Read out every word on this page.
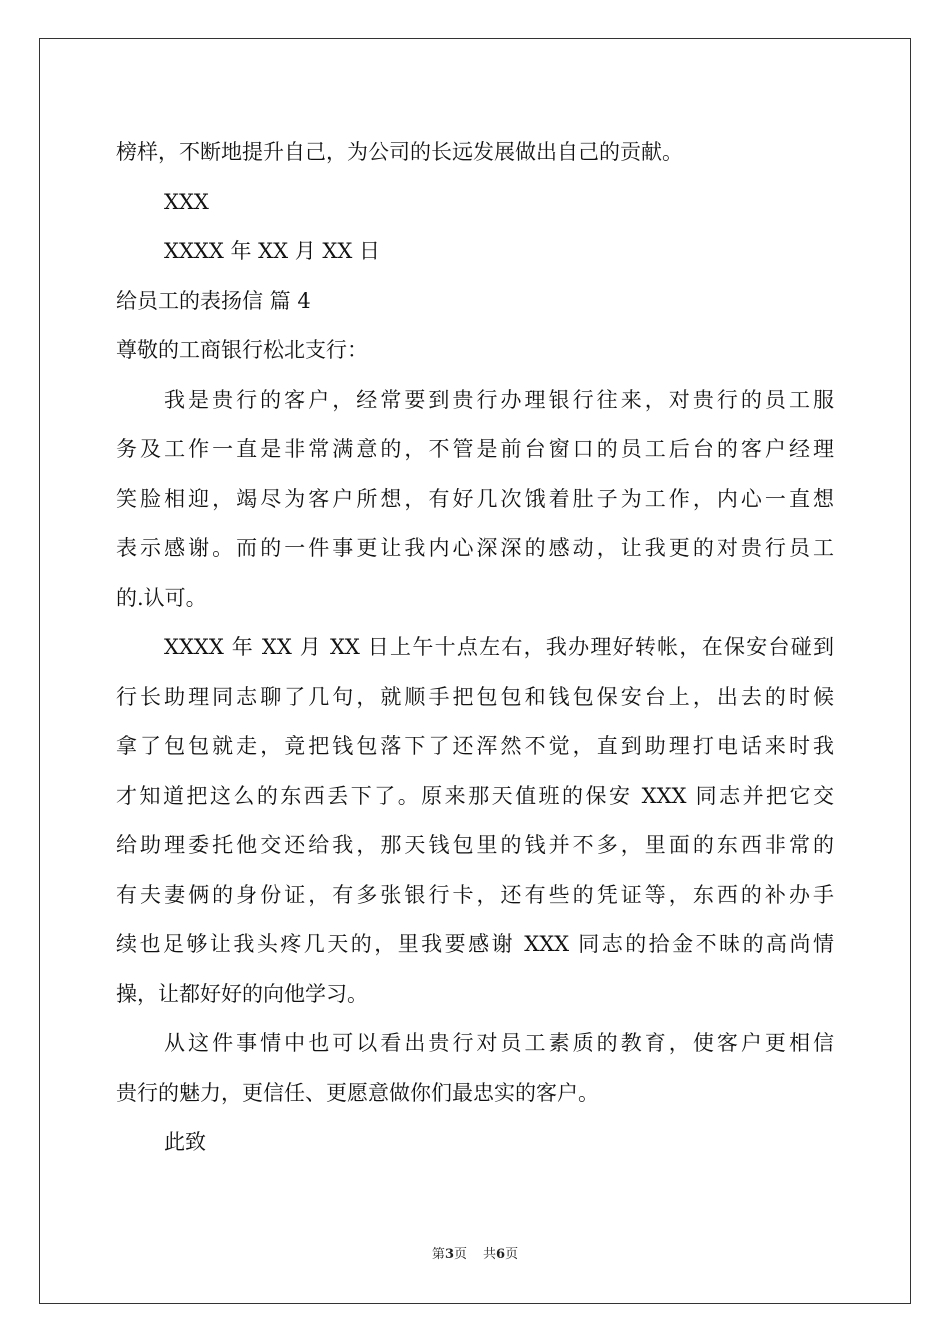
榜样，不断地提升自己，为公司的长远发展做出自己的贡献。

XXX

XXXX 年 XX 月 XX 日

给员工的表扬信 篇 4

尊敬的工商银行松北支行：

我是贵行的客户，经常要到贵行办理银行往来，对贵行的员工服

务及工作一直是非常满意的，不管是前台窗口的员工后台的客户经理

笑脸相迎，竭尽为客户所想，有好几次饿着肚子为工作，内心一直想

表示感谢。而的一件事更让我内心深深的感动，让我更的对贵行员工

的.认可。

XXXX 年 XX 月 XX 日上午十点左右，我办理好转帐，在保安台碰到

行长助理同志聊了几句，就顺手把包包和钱包保安台上，出去的时候

拿了包包就走，竟把钱包落下了还浑然不觉，直到助理打电话来时我

才知道把这么的东西丢下了。原来那天值班的保安 XXX 同志并把它交

给助理委托他交还给我，那天钱包里的钱并不多，里面的东西非常的

有夫妻俩的身份证，有多张银行卡，还有些的凭证等，东西的补办手

续也足够让我头疼几天的，里我要感谢 XXX 同志的拾金不昧的高尚情

操，让都好好的向他学习。

从这件事情中也可以看出贵行对员工素质的教育，使客户更相信

贵行的魅力，更信任、更愿意做你们最忠实的客户。

此致

第3页 共6页
